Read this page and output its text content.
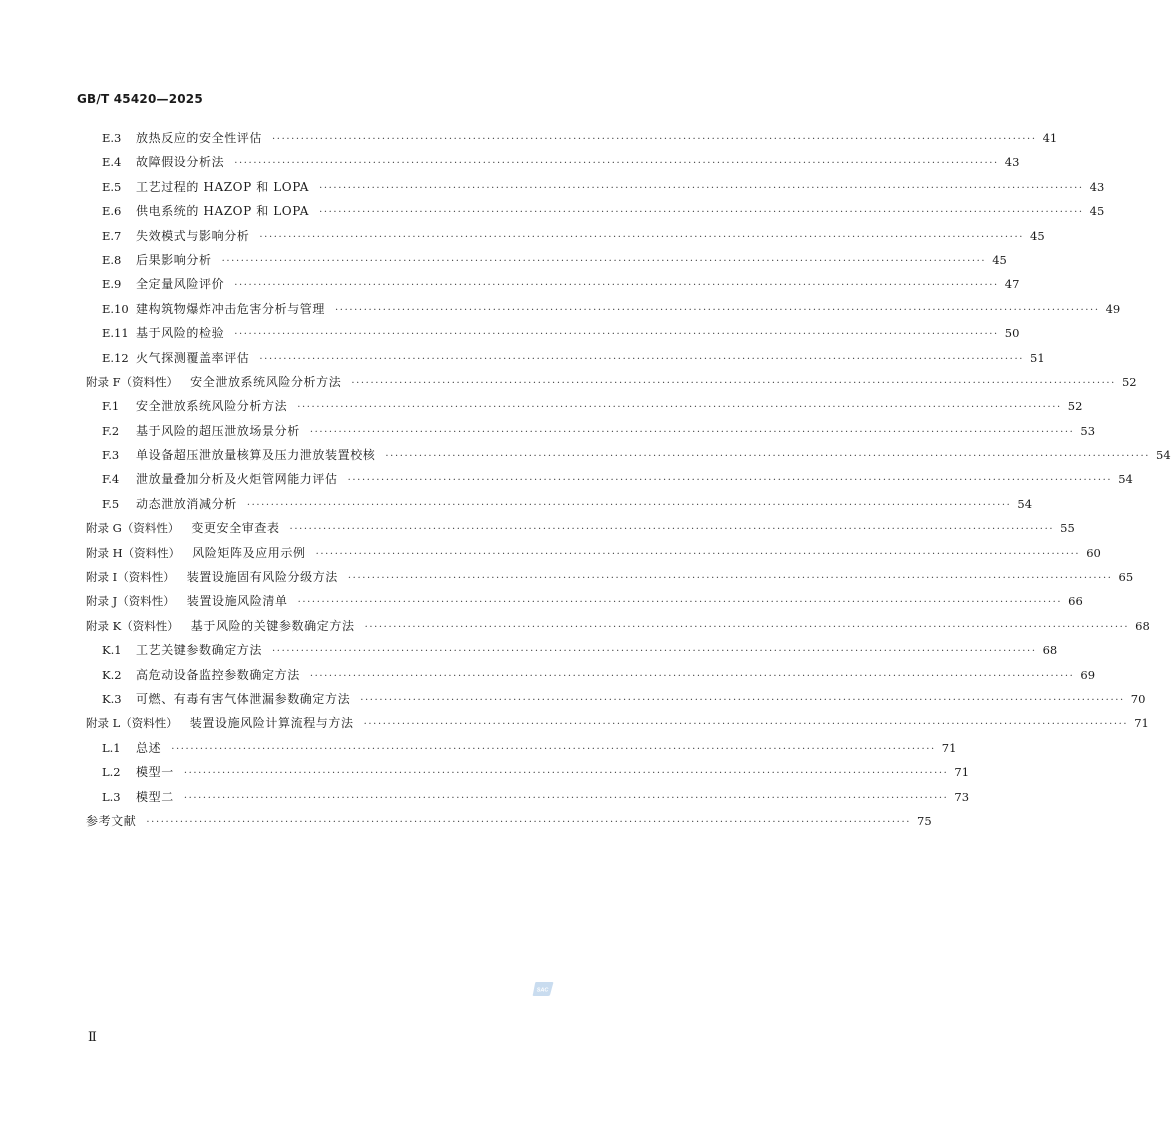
GB/T 45420—2025
E.3	放热反应的安全性评估 ································································································································································ 41
E.4	故障假设分析法 ································································································································································ 43
E.5	工艺过程的 HAZOP 和 LOPA ································································································································································ 43
E.6	供电系统的 HAZOP 和 LOPA ································································································································································ 45
E.7	失效模式与影响分析 ································································································································································ 45
E.8	后果影响分析 ································································································································································ 45
E.9	全定量风险评价 ································································································································································ 47
E.10 建构筑物爆炸冲击危害分析与管理 ································································································································································ 49
E.11 基于风险的检验 ································································································································································ 50
E.12 火气探测覆盖率评估 ································································································································································ 51
附录 F（资料性） 安全泄放系统风险分析方法 ································································································································································ 52
F.1	安全泄放系统风险分析方法 ································································································································································ 52
F.2	基于风险的超压泄放场景分析 ································································································································································ 53
F.3	单设备超压泄放量核算及压力泄放装置校核 ································································································································································ 54
F.4	泄放量叠加分析及火炬管网能力评估 ································································································································································ 54
F.5	动态泄放消减分析 ································································································································································ 54
附录 G（资料性） 变更安全审查表 ································································································································································ 55
附录 H（资料性） 风险矩阵及应用示例 ································································································································································ 60
附录 I（资料性） 装置设施固有风险分级方法 ································································································································································ 65
附录 J（资料性） 装置设施风险清单 ································································································································································ 66
附录 K（资料性） 基于风险的关键参数确定方法 ································································································································································ 68
K.1	工艺关键参数确定方法 ································································································································································ 68
K.2	高危动设备监控参数确定方法 ································································································································································ 69
K.3	可燃、有毒有害气体泄漏参数确定方法 ································································································································································ 70
附录 L（资料性） 装置设施风险计算流程与方法 ································································································································································ 71
L.1	总述 ································································································································································ 71
L.2	模型一 ································································································································································ 71
L.3	模型二 ································································································································································ 73
参考文献 ································································································································································ 75
SAC
Ⅱ
